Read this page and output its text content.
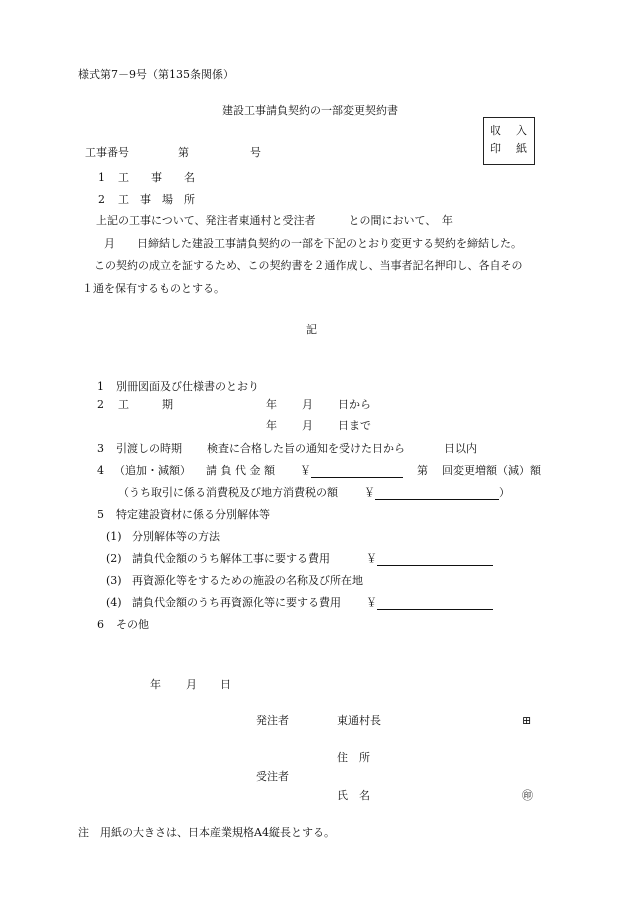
様式第7－9号（第135条関係）
建設工事請負契約の一部変更契約書
収 入
印 紙
工事番号	第	号
1 工　　事　　名
2 工　事　場　所
上記の工事について、発注者東通村と受注者　　　との間において、　年
月　　日締結した建設工事請負契約の一部を下記のとおり変更する契約を締結した。
この契約の成立を証するため、この契約書を２通作成し、当事者記名押印し、各自その
１通を保有するものとする。
記
1 別冊図面及び仕様書のとおり
2 工　　　期	年 月 日から
年 月 日まで
3 引渡しの時期 検査に合格した旨の通知を受けた日から	日以内
4 （追加・減額） 請 負 代 金 額 ￥	第 回変更増額（減）額
（うち取引に係る消費税及び地方消費税の額 ￥	）
5 特定建設資材に係る分別解体等
(1) 分別解体等の方法
(2) 請負代金額のうち解体工事に要する費用	￥
(3) 再資源化等をするための施設の名称及び所在地
(4) 請負代金額のうち再資源化等に要する費用 ￥
6 その他
年 月 日
発注者	東通村長	⊞
住　所
受注者
氏　名	㊞
注　用紙の大きさは、日本産業規格A4縦長とする。
